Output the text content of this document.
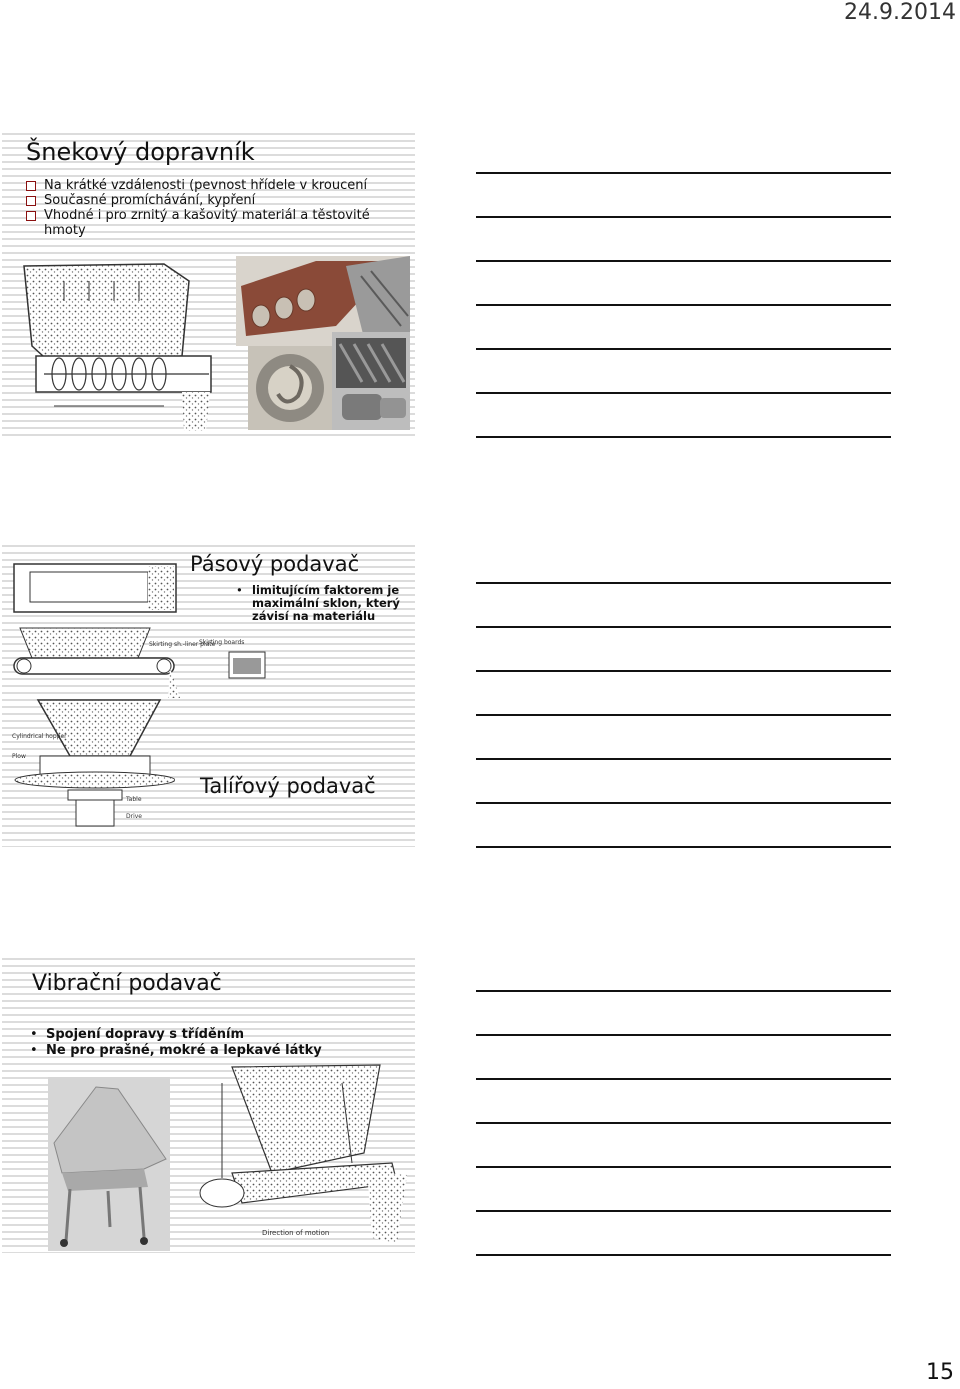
24.9.2014
Šnekový dopravník
Na krátké vzdálenosti (pevnost hřídele v kroucení
Současné promíchávání, kypření
Vhodné i pro zrnitý a kašovitý materiál a těstovité hmoty
Pásový podavač
• limitujícím faktorem je maximální sklon, který závisí na materiálu
Talířový podavač
Skirting sh.-liner plate
Skirting boards
Cylindrical hopper
Plow
Table
Drive
Vibrační podavač
• Spojení dopravy s tříděním
• Ne pro prašné, mokré a lepkavé látky
Direction of motion
15
